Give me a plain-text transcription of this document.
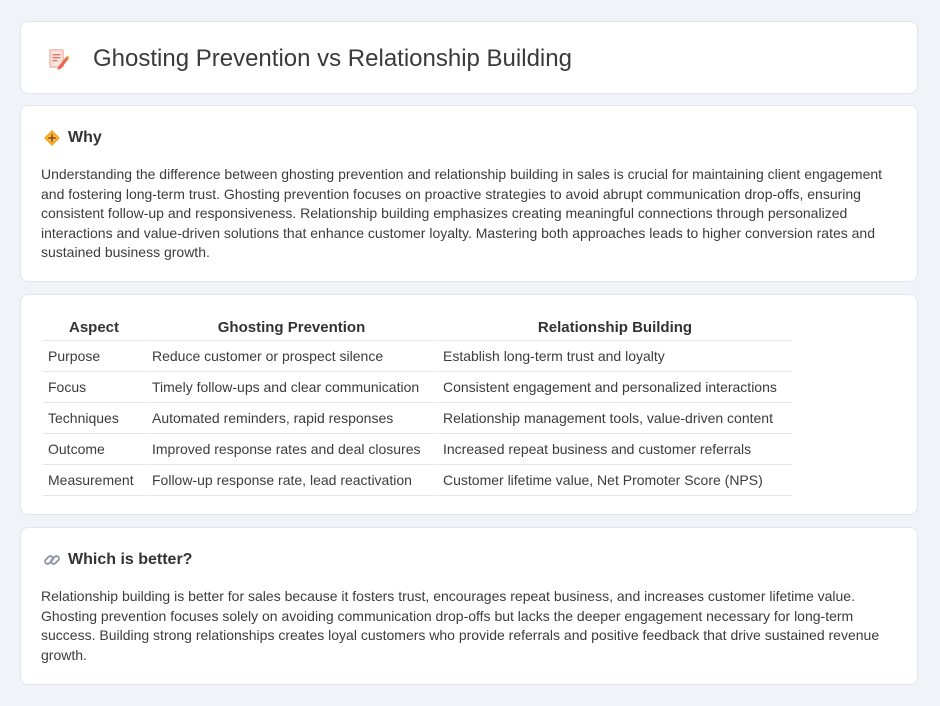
Ghosting Prevention vs Relationship Building
Why

Understanding the difference between ghosting prevention and relationship building in sales is crucial for maintaining client engagement and fostering long-term trust. Ghosting prevention focuses on proactive strategies to avoid abrupt communication drop-offs, ensuring consistent follow-up and responsiveness. Relationship building emphasizes creating meaningful connections through personalized interactions and value-driven solutions that enhance customer loyalty. Mastering both approaches leads to higher conversion rates and sustained business growth.

Aspect	Ghosting Prevention	Relationship Building
Purpose	Reduce customer or prospect silence	Establish long-term trust and loyalty
Focus	Timely follow-ups and clear communication	Consistent engagement and personalized interactions
Techniques	Automated reminders, rapid responses	Relationship management tools, value-driven content
Outcome	Improved response rates and deal closures	Increased repeat business and customer referrals
Measurement	Follow-up response rate, lead reactivation	Customer lifetime value, Net Promoter Score (NPS)
Which is better?

Relationship building is better for sales because it fosters trust, encourages repeat business, and increases customer lifetime value. Ghosting prevention focuses solely on avoiding communication drop-offs but lacks the deeper engagement necessary for long-term success. Building strong relationships creates loyal customers who provide referrals and positive feedback that drive sustained revenue growth.
